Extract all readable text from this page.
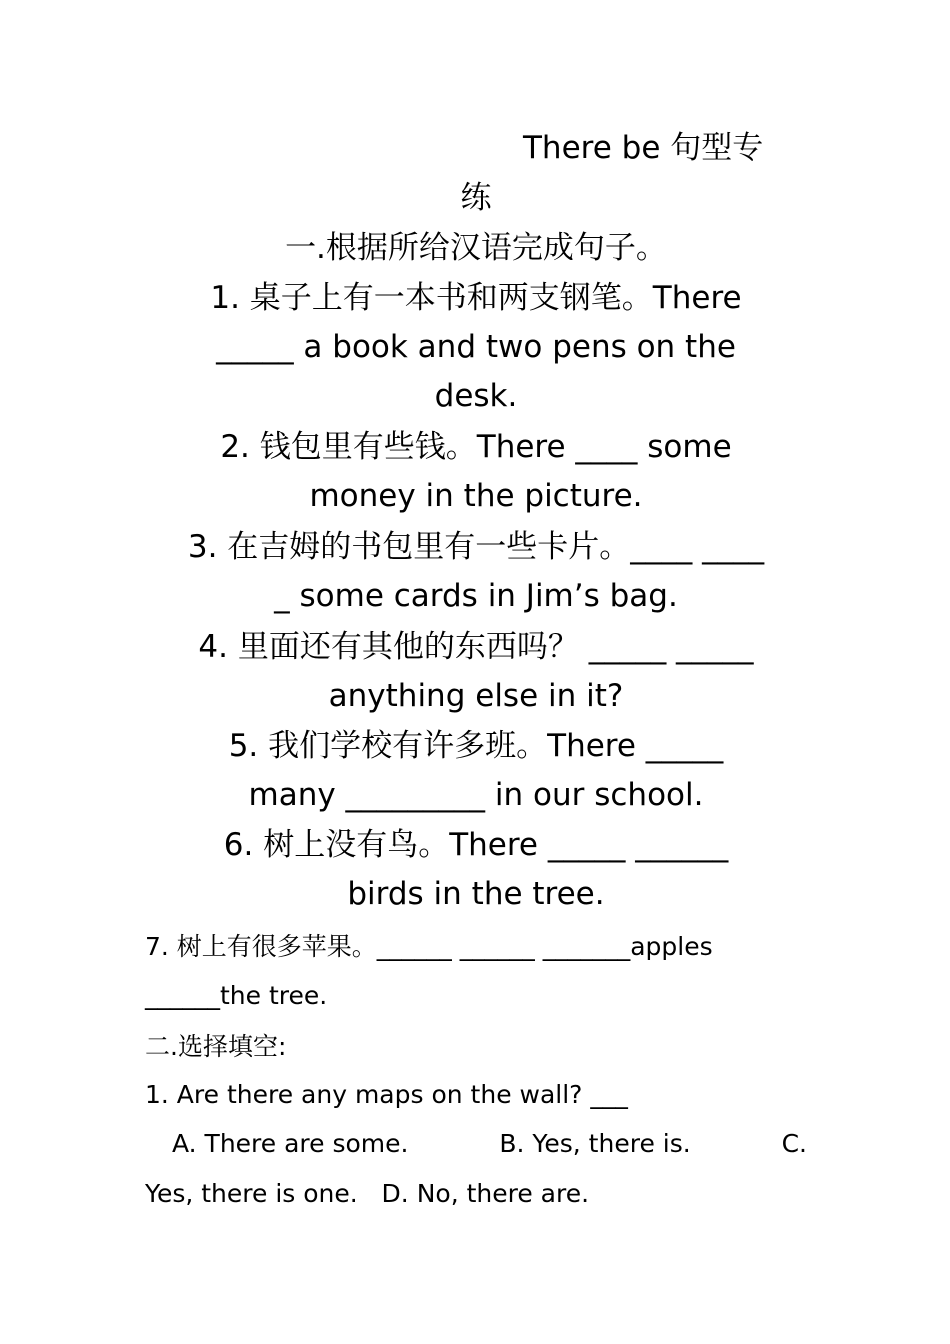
There be 句型专
练
一.根据所给汉语完成句子。
1. 桌子上有一本书和两支钢笔。There
_____ a book and two pens on the
desk.
2. 钱包里有些钱。There ____ some
money in the picture.
3. 在吉姆的书包里有一些卡片。____ ____
_ some cards in Jim’s bag.
4. 里面还有其他的东西吗？ _____ _____
anything else in it?
5. 我们学校有许多班。There _____
many _________ in our school.
6. 树上没有鸟。There _____ ______
birds in the tree.
7. 树上有很多苹果。______ ______ _______apples
______the tree.
二.选择填空:
1. Are there any maps on the wall? ___
A. There are some.	B. Yes, there is.	C.
Yes, there is one.   D. No, there are.
